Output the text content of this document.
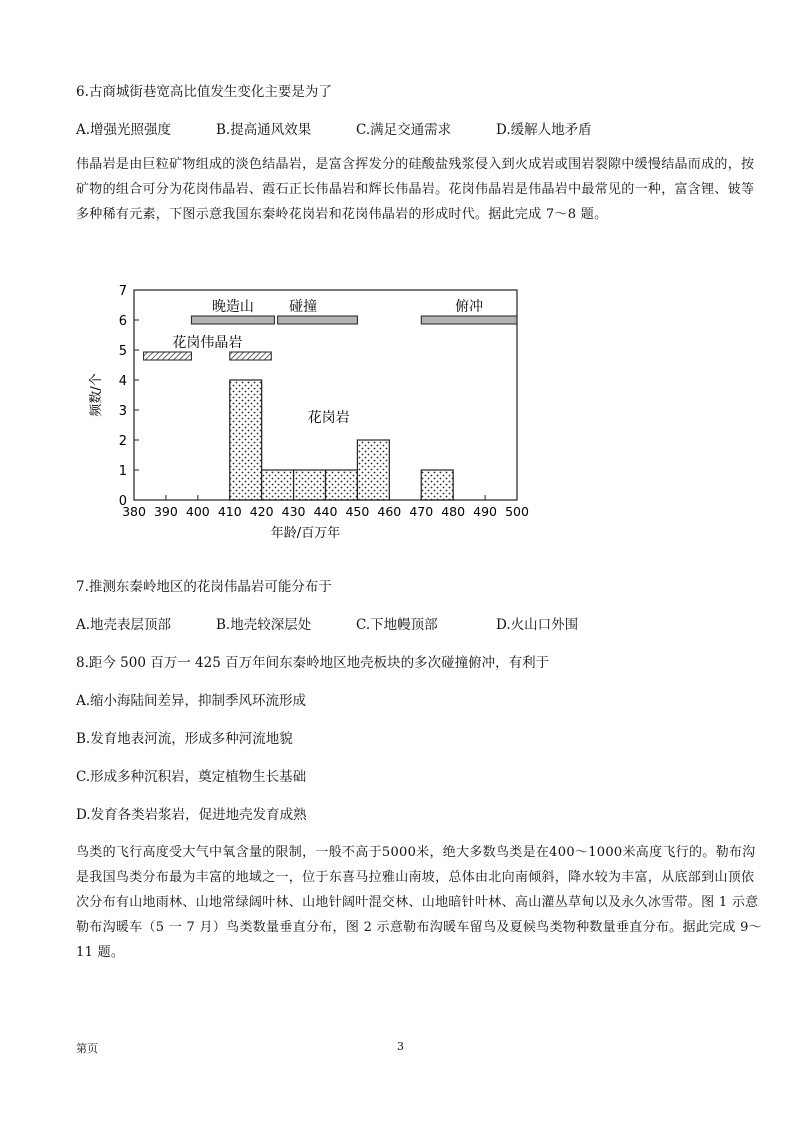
6.古商城街巷宽高比值发生变化主要是为了
A.增强光照强度	B.提高通风效果	C.满足交通需求	D.缓解人地矛盾
伟晶岩是由巨粒矿物组成的淡色结晶岩，是富含挥发分的硅酸盐残浆侵入到火成岩或围岩裂隙中缓慢结晶而成的，按矿物的组合可分为花岗伟晶岩、霞石正长伟晶岩和辉长伟晶岩。花岗伟晶岩是伟晶岩中最常见的一种，富含锂、铍等多种稀有元素，下图示意我国东秦岭花岗岩和花岗伟晶岩的形成时代。据此完成 7～8 题。
频数/个
0
1
2
3
4
5
6
7
380 390 400 410 420 430 440 450 460 470 480 490 500
花岗岩
花岗伟晶岩
晚造山	碰撞	俯冲
年龄/百万年
7.推测东秦岭地区的花岗伟晶岩可能分布于
A.地壳表层顶部	B.地壳较深层处	C.下地幔顶部	D.火山口外围
8.距今 500 百万一 425 百万年间东秦岭地区地壳板块的多次碰撞俯冲，有利于
A.缩小海陆间差异，抑制季风环流形成
B.发育地表河流，形成多种河流地貌
C.形成多种沉积岩，奠定植物生长基础
D.发育各类岩浆岩，促进地壳发育成熟
鸟类的飞行高度受大气中氧含量的限制，一般不高于5000米，绝大多数鸟类是在400～1000米高度飞行的。勒布沟是我国鸟类分布最为丰富的地域之一，位于东喜马拉雅山南坡，总体由北向南倾斜，降水较为丰富，从底部到山顶依次分布有山地雨林、山地常绿阔叶林、山地针阔叶混交林、山地暗针叶林、高山灌丛草甸以及永久冰雪带。图 1 示意勒布沟暖车（5 一 7 月）鸟类数量垂直分布，图 2 示意勒布沟暖车留鸟及夏候鸟类物种数量垂直分布。据此完成 9～11 题。
第页	3
